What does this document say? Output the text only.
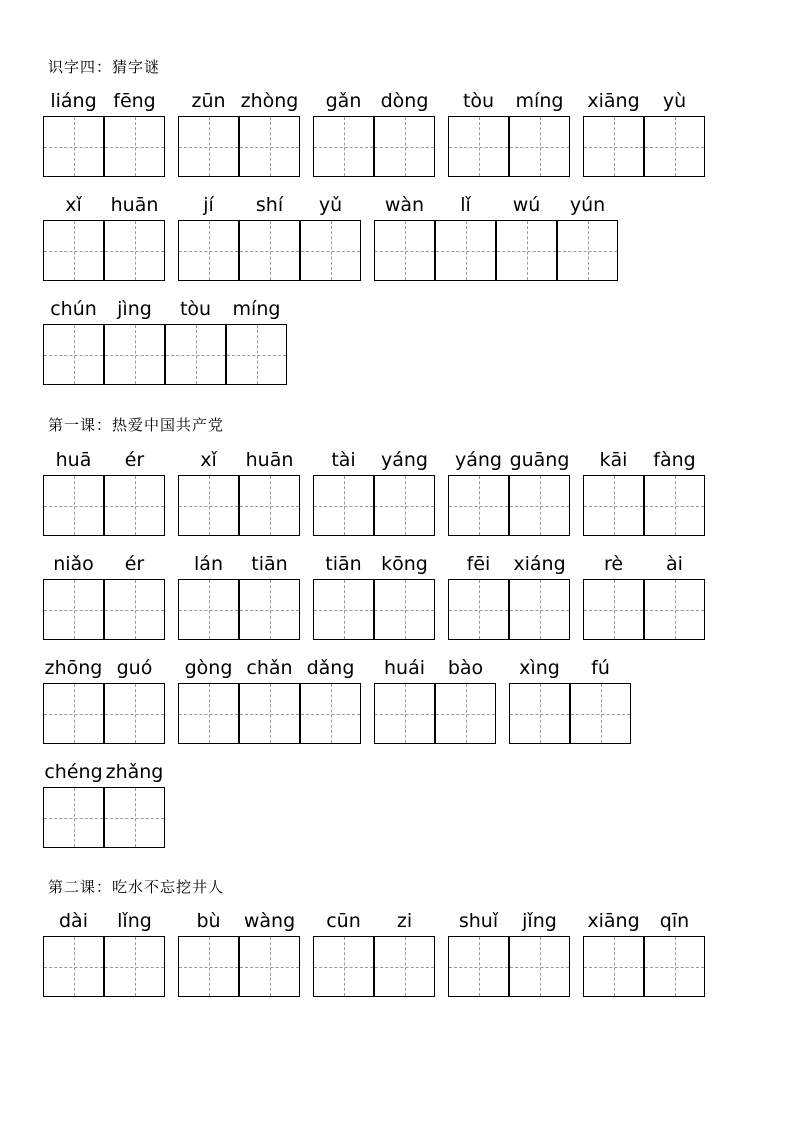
识字四：猜字谜
liáng fēng	zūn zhòng	gǎn	dòng	tòu	míng	xiāng	yù
xǐ	huān	jí	shí	yǔ	wàn	lǐ	wú	yún
chún	jìng	tòu	míng
第一课：热爱中国共产党
huā	ér	xǐ	huān	tài	yáng	yáng guāng	kāi	fàng
niǎo	ér	lán	tiān	tiān	kōng	fēi	xiáng	rè	ài
zhōng guó	gòng chǎn dǎng	huái	bào	xìng	fú
chéng zhǎng
第二课：吃水不忘挖井人
dài	lǐng	bù	wàng	cūn	zi	shuǐ	jǐng	xiāng	qīn
